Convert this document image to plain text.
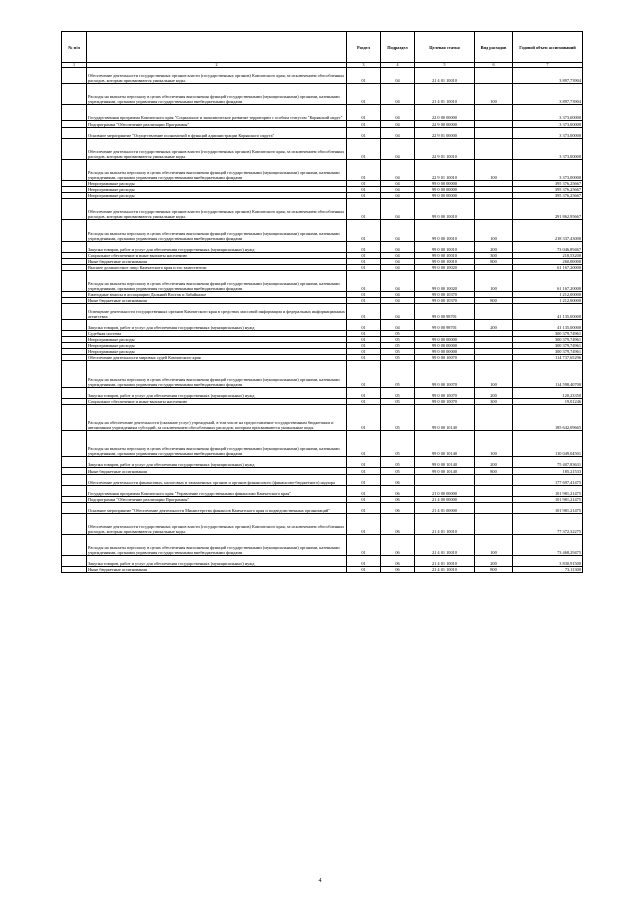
№ п/п		Раздел	Подраздел	Целевая статья	Вид расходов	Годовой объем ассигнований
1	2	3	4	5	6	7
	Обеспечение деятельности государственных органов власти (государственных органов) Камчатского края, за исключением обособленных расходов, которым присваиваются уникальные коды.	01	04	21 4 01 10010		3 897,73904
	Расходы на выплаты персоналу в целях обеспечения выполнения функций государственными (муниципальными) органами, казенными учреждениями, органами управления государственными внебюджетными фондами	01	04	21 4 01 10010	100	3 897,73904
	Государственная программа Камчатского края "Социальное и экономическое развитие территории с особым статусом "Корякский округ"	01	04	22 0 00 00000		3 373,00000
	Подпрограмма "Обеспечение реализации Программы"	01	04	22 9 00 00000		3 373,00000
	Основное мероприятие "Осуществление полномочий в функций администрации Корякского округа"	01	04	22 9 01 00000		3 373,00000
	Обеспечение деятельности государственных органов власти (государственных органов) Камчатского края, за исключением обособленных расходов, которым присваиваются уникальные коды.	01	04	22 9 01 10010		3 373,00000
	Расходы на выплаты персоналу в целях обеспечения выполнения функций государственными (муниципальными) органами, казенными учреждениями, органами управления государственными внебюджетными фондами	01	04	22 9 01 10010	100	3 373,00000
	Непрограммные расходы	01	04	99 0 00 00000		395 376,25667
	Непрограммные расходы	01	04	99 0 00 00000		395 376,25667
	Непрограммные расходы	01	04	99 0 00 00000		395 376,25667
	Обеспечение деятельности государственных органов власти (государственных органов) Камчатского края, за исключением обособленных расходов, которым присваиваются уникальные коды.	01	04	99 0 00 10010		291 862,95667
	Расходы на выплаты персоналу в целях обеспечения выполнения функций государственными (муниципальными) органами, казенными учреждениями, органами управления государственными внебюджетными фондами	01	04	99 0 00 10010	100	218 337,43000
	Закупка товаров, работ и услуг для обеспечения государственных (муниципальных) нужд	01	04	99 0 00 10010	200	73 046,89467
	Социальное обеспечение и иные выплаты населению	01	04	99 0 00 10010	300	218,53200
	Иные бюджетные ассигнования	01	04	99 0 00 10010	800	260,00000
	Высшее должностное лицо Камчатского края и его заместители	01	04	99 0 00 10020		61 167,20000
	Расходы на выплаты персоналу в целях обеспечения выполнения функций государственными (муниципальными) органами, казенными учреждениями, органами управления государственными внебюджетными фондами	01	04	99 0 00 10020	100	61 167,20000
	Ежегодные взносы в ассоциацию Дальний Восток и Забайкалье	01	04	99 0 00 10370		1 212,00000
	Иные бюджетные ассигнования	01	04	99 0 00 10370	800	1 212,00000
	Освещение деятельности государственных органов Камчатского края в средствах массовой информации и федеральных информационных агентствах	01	04	99 0 00 98701		41 135,00000
	Закупка товаров, работ и услуг для обеспечения государственных (муниципальных) нужд	01	04	99 0 00 98701	200	41 135,00000
	Судебная система	01	05			300 379,74961
	Непрограммные расходы	01	05	99 0 00 00000		300 379,74961
	Непрограммные расходы	01	05	99 0 00 00000		300 379,74961
	Непрограммные расходы	01	05	99 0 00 00000		300 379,74961
	Обеспечение деятельности мировых судей Камчатского края	01	05	99 0 00 10070		114 737,65296
	Расходы на выплаты персоналу в целях обеспечения выполнения функций государственными (муниципальными) органами, казенными учреждениями, органами управления государственными внебюджетными фондами	01	05	99 0 00 10070	100	114 598,40700
	Закупка товаров, работ и услуг для обеспечения государственных (муниципальных) нужд	01	05	99 0 00 10070	200	120,23350
	Социальное обеспечение и иные выплаты населению	01	05	99 0 00 10070	300	19,01246
	Расходы на обеспечение деятельности (оказание услуг) учреждений, в том числе на предоставление государственным бюджетным и автономным учреждениям субсидий, за исключением обособленных расходов, которым присваиваются уникальные коды.	01	05	99 0 00 10140		185 642,09665
	Расходы на выплаты персоналу в целях обеспечения выполнения функций государственными (муниципальными) органами, казенными учреждениями, органами управления государственными внебюджетными фондами	01	05	99 0 00 10140	100	110 049,04501
	Закупка товаров, работ и услуг для обеспечения государственных (муниципальных) нужд	01	05	99 0 00 10140	200	75 407,83631
	Иные бюджетные ассигнования	01	05	99 0 00 10140	800	185,21533
	Обеспечение деятельности финансовых, налоговых и таможенных органов и органов финансового (финансово-бюджетного) надзора	01	06			177 697,41475
	Государственная программа Камчатского края "Управление государственными финансами Камчатского края"	01	06	21 0 00 00000		101 981,21475
	Подпрограмма "Обеспечение реализации Программы"	01	06	21 4 00 00000		101 981,21475
	Основное мероприятие "Обеспечение деятельности Министерства финансов Камчатского края и подведомственных организаций"	01	06	21 4 01 00000		101 981,21475
	Обеспечение деятельности государственных органов власти (государственных органов) Камчатского края, за исключением обособленных расходов, которым присваиваются уникальные коды.	01	06	21 4 01 10010		77 372,32275
	Расходы на выплаты персоналу в целях обеспечения выполнения функций государственными (муниципальными) органами, казенными учреждениями, органами управления государственными внебюджетными фондами	01	06	21 4 01 10010	100	73 468,29475
	Закупка товаров, работ и услуг для обеспечения государственных (муниципальных) нужд	01	06	21 4 01 10010	200	3 830,91500
	Иные бюджетные ассигнования	01	06	21 4 01 10010	800	73,11300
4
